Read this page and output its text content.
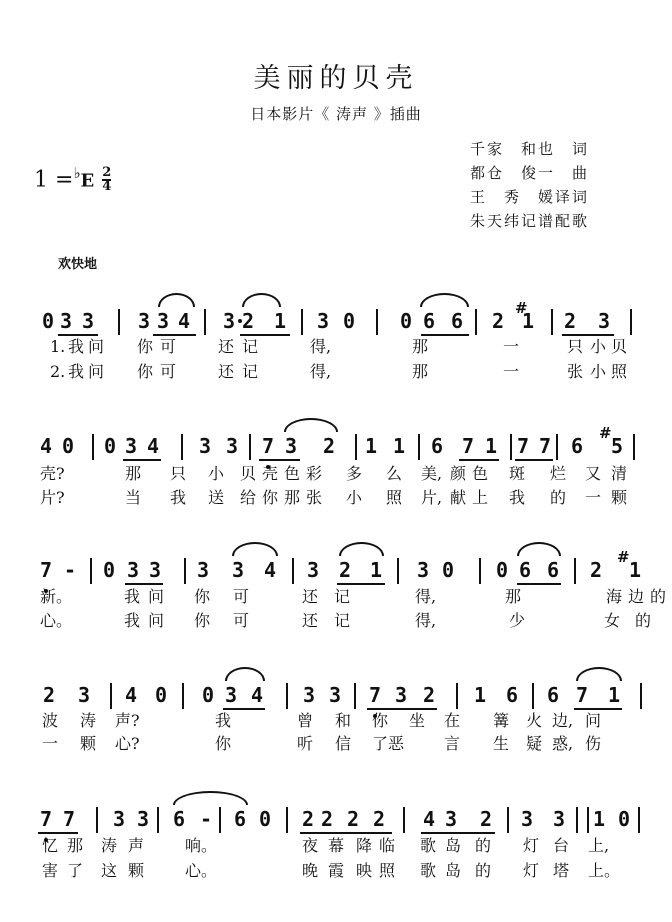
美丽的贝壳
日本影片《 涛声 》插曲
千家　和也　词
都仓　俊一　曲
王　秀　媛译词
朱天纬记谱配歌
$1 =^♭E \frac{2}{4}$
欢快地
0 3 3 3 3 4 3 2 1 3 0 0 6 6 2 1 2 3
#
1. 我 问 你 可	还 记	得,	那	一	只 小 贝
2. 我 问 你 可	还 记	得,	那	一	张 小 照
4 0 0 3 4 3 3 7 3 2 1 1 6 7 1 7 7 6 5
#
壳?	那 只 小 贝 壳 色 彩 多 么 美, 颜 色 斑 烂 又 清
片?	当 我 送 给 你 那 张 小 照 片, 献 上 我 的 一 颗
7 - 0 3 3 3 3 4 3 2 1 3 0 0 6 6 2 1
#
新。	我 问 你 可	还 记	得,	那	海 边 的
心。	我 问 你 可	还 记	得,	少	女 的
2 3 4 0 0 3 4 3 3 7 3 2 1 6 6 7 1
波 涛 声?	我	曾 和 你 坐 在 篝 火 边, 问
一 颗 心?	你	听 信 了恶 言 生 疑 惑, 伤
7 7 3 3 6 - 6 0 2 2 2 2 4 3 2 3 3 1 0
忆 那 涛 声	响。	夜 幕 降 临 歌 岛 的 灯 台 上,
害 了 这 颗	心。	晚 霞 映 照 歌 岛 的 灯 塔 上。
